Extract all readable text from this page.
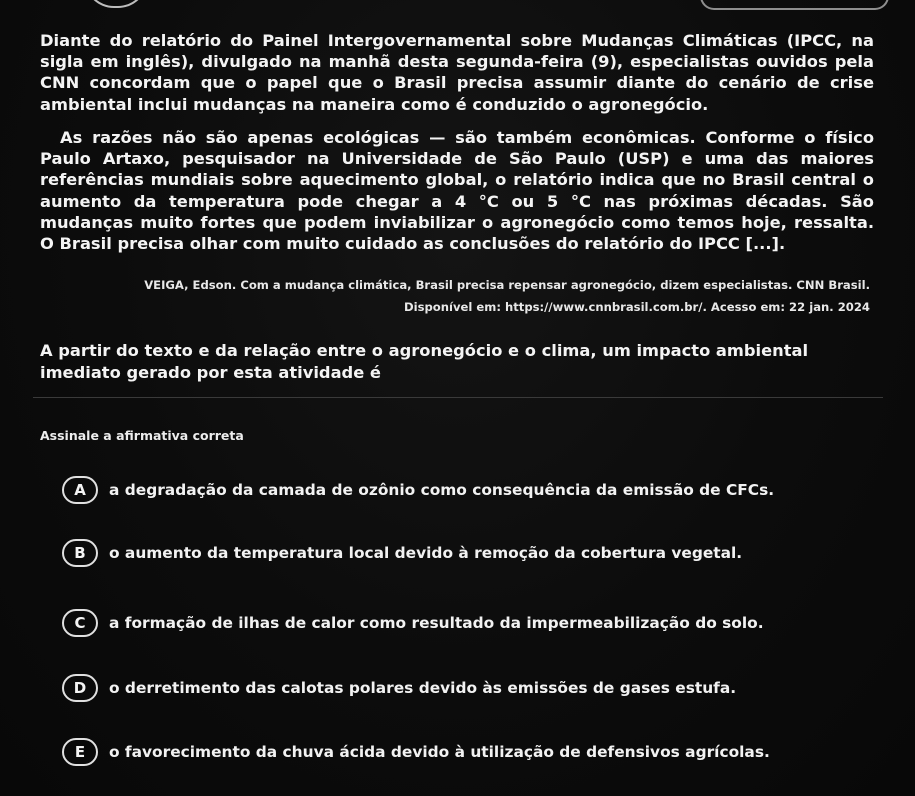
Diante do relatório do Painel Intergovernamental sobre Mudanças Climáticas (IPCC, na sigla em inglês), divulgado na manhã desta segunda-feira (9), especialistas ouvidos pela CNN concordam que o papel que o Brasil precisa assumir diante do cenário de crise ambiental inclui mudanças na maneira como é conduzido o agronegócio.
As razões não são apenas ecológicas — são também econômicas. Conforme o físico Paulo Artaxo, pesquisador na Universidade de São Paulo (USP) e uma das maiores referências mundiais sobre aquecimento global, o relatório indica que no Brasil central o aumento da temperatura pode chegar a 4 °C ou 5 °C nas próximas décadas. São mudanças muito fortes que podem inviabilizar o agronegócio como temos hoje, ressalta. O Brasil precisa olhar com muito cuidado as conclusões do relatório do IPCC [...].
VEIGA, Edson. Com a mudança climática, Brasil precisa repensar agronegócio, dizem especialistas. CNN Brasil.
Disponível em: https://www.cnnbrasil.com.br/. Acesso em: 22 jan. 2024
A partir do texto e da relação entre o agronegócio e o clima, um impacto ambiental imediato gerado por esta atividade é
Assinale a afirmativa correta
A	a degradação da camada de ozônio como consequência da emissão de CFCs.
B	o aumento da temperatura local devido à remoção da cobertura vegetal.
C	a formação de ilhas de calor como resultado da impermeabilização do solo.
D	o derretimento das calotas polares devido às emissões de gases estufa.
E	o favorecimento da chuva ácida devido à utilização de defensivos agrícolas.
